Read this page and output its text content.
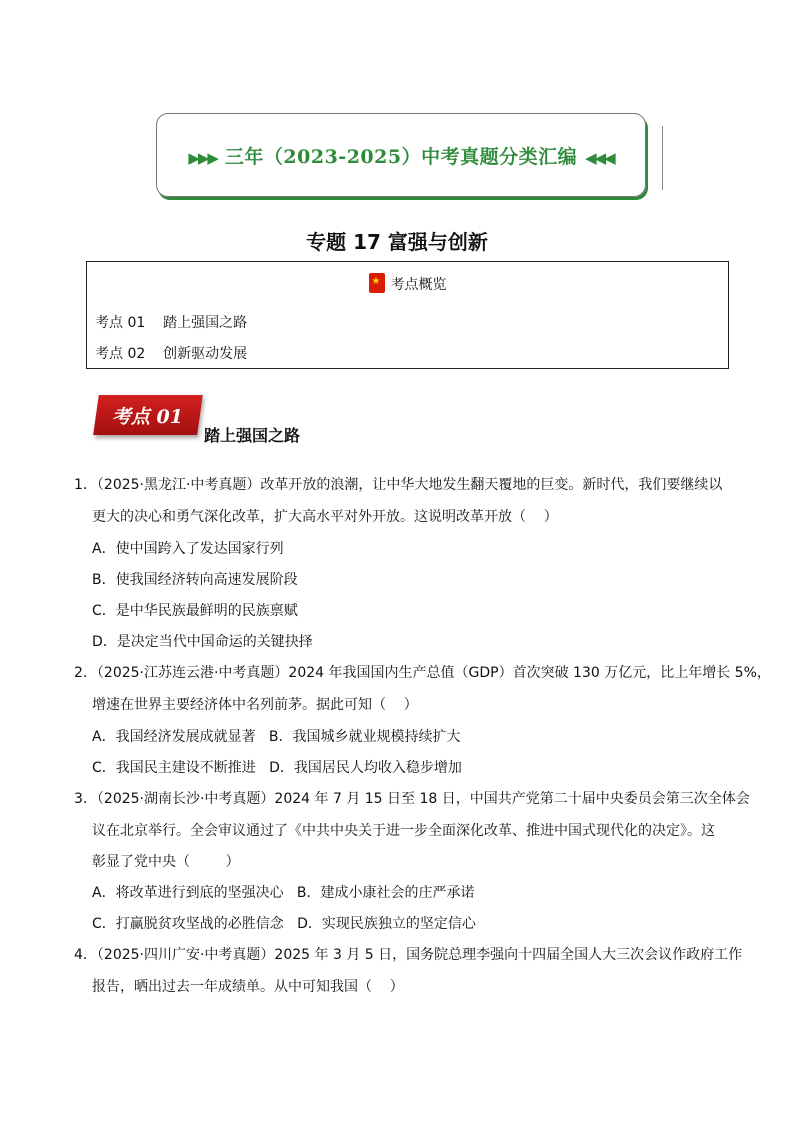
▶▶▶ 三年（2023-2025）中考真题分类汇编 ◀◀◀
专题 17 富强与创新
★考点概览
考点 01    踏上强国之路
考点 02    创新驱动发展
考点 01
踏上强国之路
1．（2025·黑龙江·中考真题）改革开放的浪潮，让中华大地发生翻天覆地的巨变。新时代，我们要继续以
更大的决心和勇气深化改革，扩大高水平对外开放。这说明改革开放（    ）
A．使中国跨入了发达国家行列
B．使我国经济转向高速发展阶段
C．是中华民族最鲜明的民族禀赋
D．是决定当代中国命运的关键抉择
2．（2025·江苏连云港·中考真题）2024 年我国国内生产总值（GDP）首次突破 130 万亿元，比上年增长 5%，
增速在世界主要经济体中名列前茅。据此可知（    ）
A．我国经济发展成就显著   B．我国城乡就业规模持续扩大
C．我国民主建设不断推进   D．我国居民人均收入稳步增加
3．（2025·湖南长沙·中考真题）2024 年 7 月 15 日至 18 日，中国共产党第二十届中央委员会第三次全体会
议在北京举行。全会审议通过了《中共中央关于进一步全面深化改革、推进中国式现代化的决定》。这
彰显了党中央（        ）
A．将改革进行到底的坚强决心   B．建成小康社会的庄严承诺
C．打赢脱贫攻坚战的必胜信念   D．实现民族独立的坚定信心
4．（2025·四川广安·中考真题）2025 年 3 月 5 日，国务院总理李强向十四届全国人大三次会议作政府工作
报告，晒出过去一年成绩单。从中可知我国（    ）
